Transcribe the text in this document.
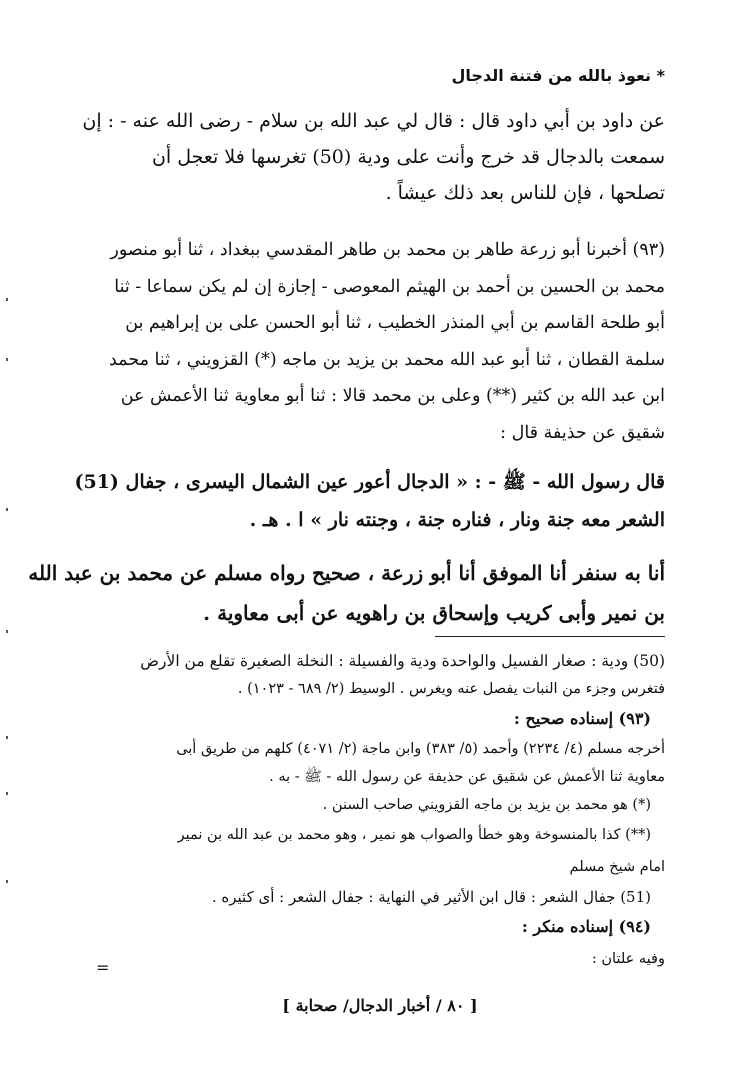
* نعوذ بالله من فتنة الدجال
عن داود بن أبي داود قال : قال لي عبد الله بن سلام - رضى الله عنه - : إن
سمعت بالدجال قد خرج وأنت على ودية (50) تغرسها فلا تعجل أن
تصلحها ، فإن للناس بعد ذلك عيشاً .
(٩٣) أخبرنا أبو زرعة طاهر بن محمد بن طاهر المقدسي ببغداد ، ثنا أبو منصور
محمد بن الحسين بن أحمد بن الهيثم المعوصى - إجازة إن لم يكن سماعا - ثنا
أبو طلحة القاسم بن أبي المنذر الخطيب ، ثنا أبو الحسن على بن إبراهيم بن
سلمة القطان ، ثنا أبو عبد الله محمد بن يزيد بن ماجه (*) القزويني ، ثنا محمد
ابن عبد الله بن كثير (**) وعلى بن محمد قالا : ثنا أبو معاوية ثنا الأعمش عن
شقيق عن حذيفة قال :
قال رسول الله - ﷺ - : « الدجال أعور عين الشمال اليسرى ، جفال (51)
الشعر معه جنة ونار ، فناره جنة ، وجنته نار » ا . هـ .
أنا به سنفر أنا الموفق أنا أبو زرعة ، صحيح رواه مسلم عن محمد بن عبد الله
بن نمير وأبى كريب وإسحاق بن راهويه عن أبى معاوية .
(50) ودية : صغار الفسيل والواحدة ودية والفسيلة : النخلة الصغيرة تقلع من الأرض
فتغرس وجزء من النبات يفصل عنه ويغرس . الوسيط (٢/ ٦٨٩ - ١٠٢٣) .
(٩٣) إسناده صحيح :
أخرجه مسلم (٤/ ٢٢٣٤) وأحمد (٥/ ٣٨٣) وابن ماجة (٢/ ٤٠٧١) كلهم من طريق أبى
معاوية ثنا الأعمش عن شقيق عن حذيفة عن رسول الله - ﷺ - به .
(*) هو محمد بن يزيد بن ماجه القزويني صاحب السنن .
(**) كذا بالمنسوخة وهو خطأ والصواب هو نمير ، وهو محمد بن عبد الله بن نمير
امام شيخ مسلم
(51) جفال الشعر : قال ابن الأثير في النهاية : جفال الشعر : أى كثيره .
(٩٤) إسناده منكر :
وفيه علتان :
=
[ ٨٠ / أخبار الدجال/ صحابة ]
